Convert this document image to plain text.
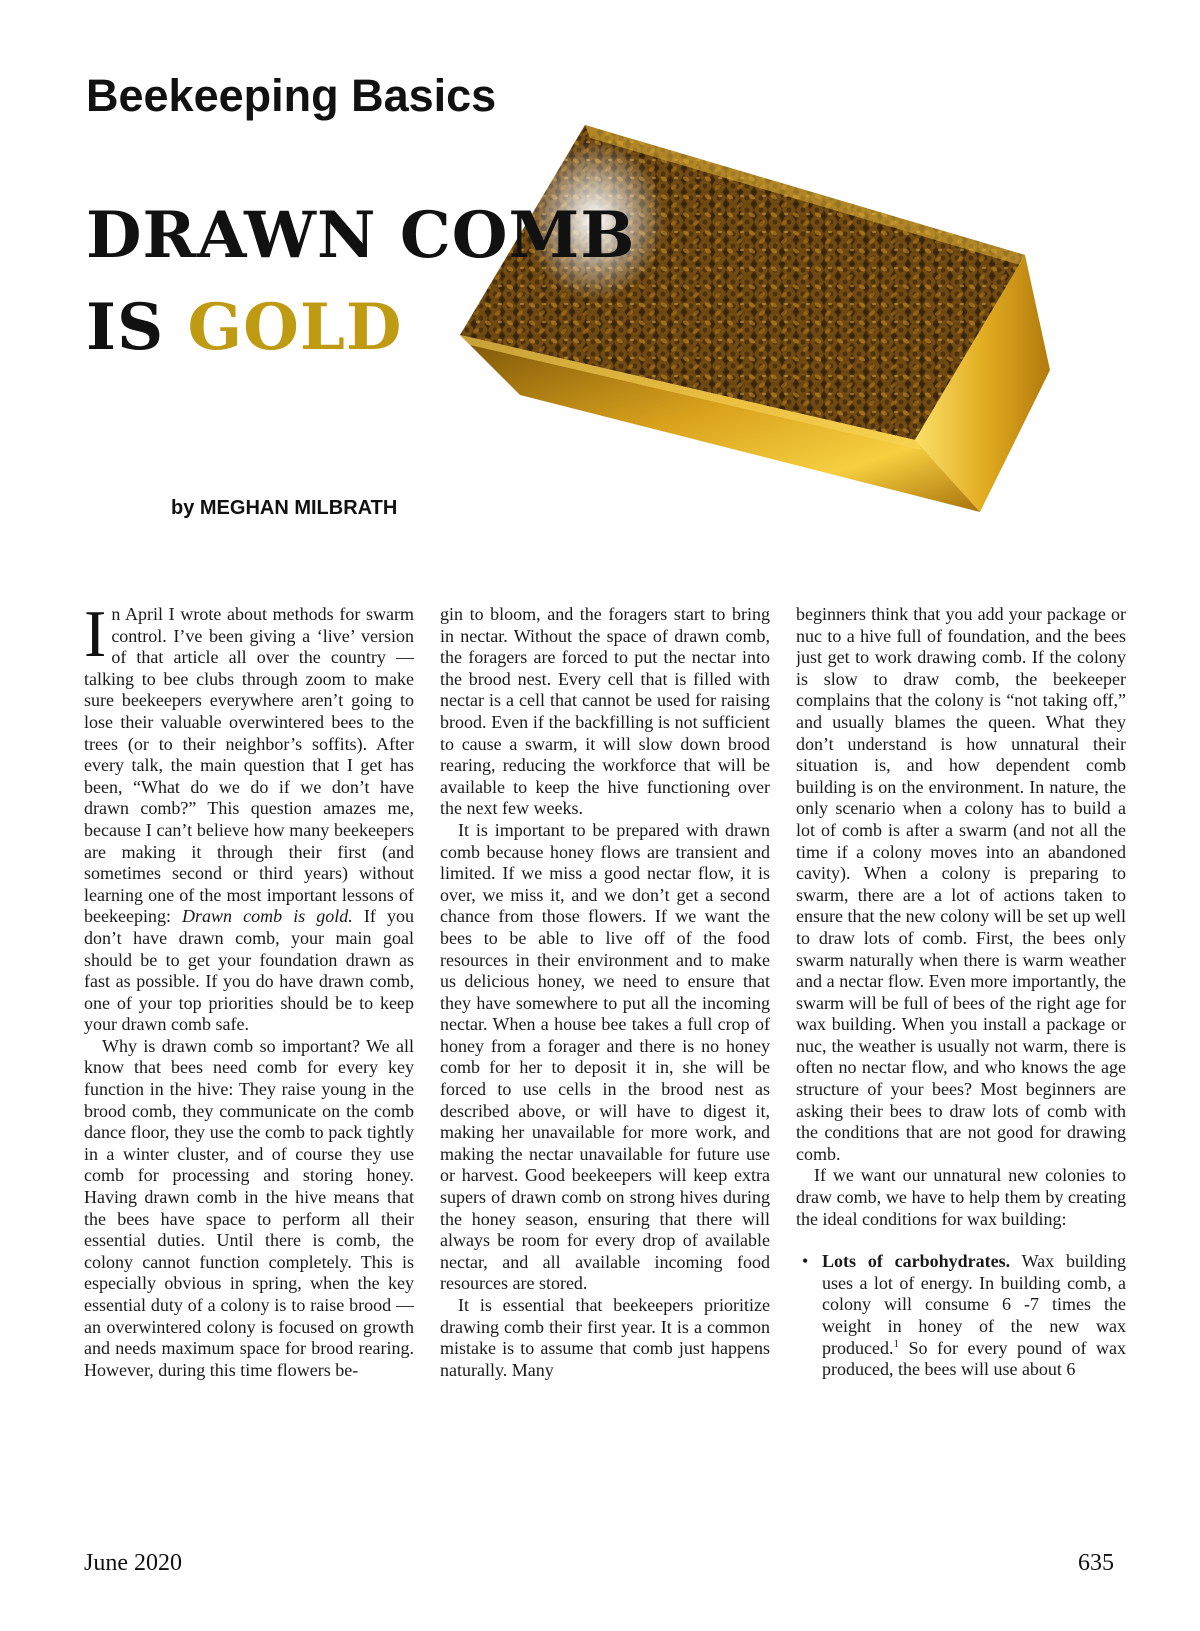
Beekeeping Basics
DRAWN COMB
IS GOLD

by MEGHAN MILBRATH

In April I wrote about methods for swarm control. I’ve been giving a ‘live’ version of that article all over the country — talking to bee clubs through zoom to make sure beekeepers everywhere aren’t going to lose their valuable overwintered bees to the trees (or to their neighbor’s soffits). After every talk, the main question that I get has been, “What do we do if we don’t have drawn comb?” This question amazes me, because I can’t believe how many beekeepers are making it through their first (and sometimes second or third years) without learning one of the most important lessons of beekeeping: Drawn comb is gold. If you don’t have drawn comb, your main goal should be to get your foundation drawn as fast as possible. If you do have drawn comb, one of your top priorities should be to keep your drawn comb safe.

Why is drawn comb so important? We all know that bees need comb for every key function in the hive: They raise young in the brood comb, they communicate on the comb dance floor, they use the comb to pack tightly in a winter cluster, and of course they use comb for processing and storing honey. Having drawn comb in the hive means that the bees have space to perform all their essential duties. Until there is comb, the colony cannot function completely. This is especially obvious in spring, when the key essential duty of a colony is to raise brood — an overwintered colony is focused on growth and needs maximum space for brood rearing. However, during this time flowers be-

gin to bloom, and the foragers start to bring in nectar. Without the space of drawn comb, the foragers are forced to put the nectar into the brood nest. Every cell that is filled with nectar is a cell that cannot be used for raising brood. Even if the backfilling is not sufficient to cause a swarm, it will slow down brood rearing, reducing the workforce that will be available to keep the hive functioning over the next few weeks.

It is important to be prepared with drawn comb because honey flows are transient and limited. If we miss a good nectar flow, it is over, we miss it, and we don’t get a second chance from those flowers. If we want the bees to be able to live off of the food resources in their environment and to make us delicious honey, we need to ensure that they have somewhere to put all the incoming nectar. When a house bee takes a full crop of honey from a forager and there is no honey comb for her to deposit it in, she will be forced to use cells in the brood nest as described above, or will have to digest it, making her unavailable for more work, and making the nectar unavailable for future use or harvest. Good beekeepers will keep extra supers of drawn comb on strong hives during the honey season, ensuring that there will always be room for every drop of available nectar, and all available incoming food resources are stored.

It is essential that beekeepers prioritize drawing comb their first year. It is a common mistake is to assume that comb just happens naturally. Many

beginners think that you add your package or nuc to a hive full of foundation, and the bees just get to work drawing comb. If the colony is slow to draw comb, the beekeeper complains that the colony is “not taking off,” and usually blames the queen. What they don’t understand is how unnatural their situation is, and how dependent comb building is on the environment. In nature, the only scenario when a colony has to build a lot of comb is after a swarm (and not all the time if a colony moves into an abandoned cavity). When a colony is preparing to swarm, there are a lot of actions taken to ensure that the new colony will be set up well to draw lots of comb. First, the bees only swarm naturally when there is warm weather and a nectar flow. Even more importantly, the swarm will be full of bees of the right age for wax building. When you install a package or nuc, the weather is usually not warm, there is often no nectar flow, and who knows the age structure of your bees? Most beginners are asking their bees to draw lots of comb with the conditions that are not good for drawing comb.

If we want our unnatural new colonies to draw comb, we have to help them by creating the ideal conditions for wax building:

• Lots of carbohydrates. Wax building uses a lot of energy. In building comb, a colony will consume 6 -7 times the weight in honey of the new wax produced.$^1$ So for every pound of wax produced, the bees will use about 6

June 2020	635
